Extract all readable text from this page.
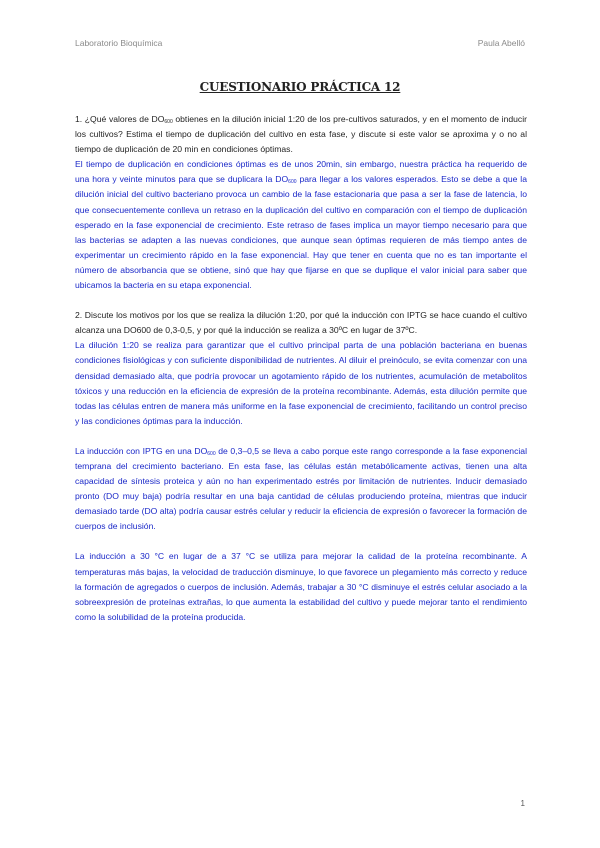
Laboratorio Bioquímica	Paula Abelló
CUESTIONARIO PRÁCTICA 12

1. ¿Qué valores de $DO_{600}$ obtienes en la dilución inicial 1:20 de los pre-cultivos saturados, y en el momento de inducir los cultivos? Estima el tiempo de duplicación del cultivo en esta fase, y discute si este valor se aproxima y o no al tiempo de duplicación de 20 min en condiciones óptimas.

El tiempo de duplicación en condiciones óptimas es de unos 20min, sin embargo, nuestra práctica ha requerido de una hora y veinte minutos para que se duplicara la $DO_{600}$ para llegar a los valores esperados. Esto se debe a que la dilución inicial del cultivo bacteriano provoca un cambio de la fase estacionaria que pasa a ser la fase de latencia, lo que consecuentemente conlleva un retraso en la duplicación del cultivo en comparación con el tiempo de duplicación esperado en la fase exponencial de crecimiento. Este retraso de fases implica un mayor tiempo necesario para que las bacterias se adapten a las nuevas condiciones, que aunque sean óptimas requieren de más tiempo antes de experimentar un crecimiento rápido en la fase exponencial. Hay que tener en cuenta que no es tan importante el número de absorbancia que se obtiene, sinó que hay que fijarse en que se duplique el valor inicial para saber que ubicamos la bacteria en su etapa exponencial.

2. Discute los motivos por los que se realiza la dilución 1:20, por qué la inducción con IPTG se hace cuando el cultivo alcanza una DO600 de 0,3-0,5, y por qué la inducción se realiza a 30ºC en lugar de 37ºC.

La dilución 1:20 se realiza para garantizar que el cultivo principal parta de una población bacteriana en buenas condiciones fisiológicas y con suficiente disponibilidad de nutrientes. Al diluir el preinóculo, se evita comenzar con una densidad demasiado alta, que podría provocar un agotamiento rápido de los nutrientes, acumulación de metabolitos tóxicos y una reducción en la eficiencia de expresión de la proteína recombinante. Además, esta dilución permite que todas las células entren de manera más uniforme en la fase exponencial de crecimiento, facilitando un control preciso y las condiciones óptimas para la inducción.

La inducción con IPTG en una $DO_{600}$ de 0,3–0,5 se lleva a cabo porque este rango corresponde a la fase exponencial temprana del crecimiento bacteriano. En esta fase, las células están metabólicamente activas, tienen una alta capacidad de síntesis proteica y aún no han experimentado estrés por limitación de nutrientes. Inducir demasiado pronto (DO muy baja) podría resultar en una baja cantidad de células produciendo proteína, mientras que inducir demasiado tarde (DO alta) podría causar estrés celular y reducir la eficiencia de expresión o favorecer la formación de cuerpos de inclusión.

La inducción a 30 °C en lugar de a 37 °C se utiliza para mejorar la calidad de la proteína recombinante. A temperaturas más bajas, la velocidad de traducción disminuye, lo que favorece un plegamiento más correcto y reduce la formación de agregados o cuerpos de inclusión. Además, trabajar a 30 °C disminuye el estrés celular asociado a la sobreexpresión de proteínas extrañas, lo que aumenta la estabilidad del cultivo y puede mejorar tanto el rendimiento como la solubilidad de la proteína producida.

1
